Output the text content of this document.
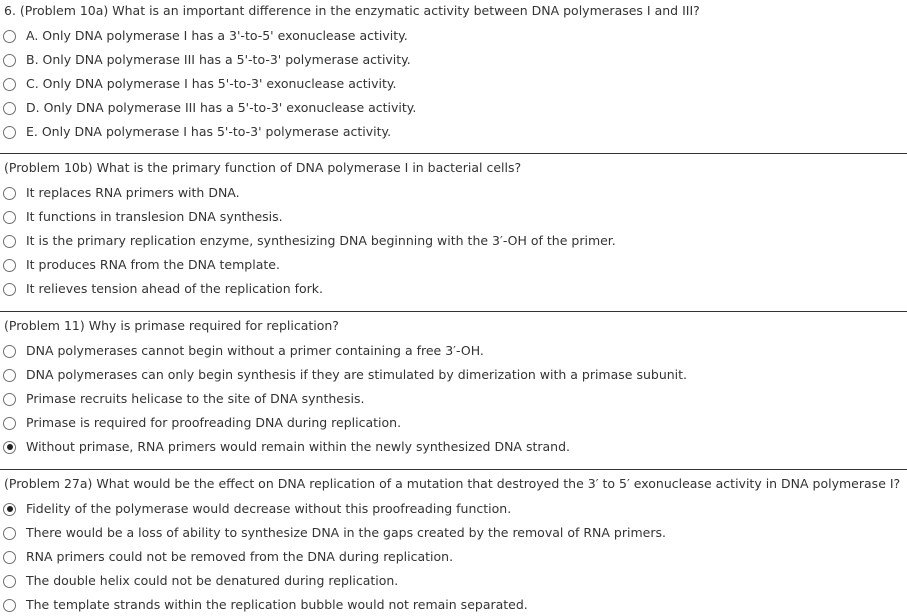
6. (Problem 10a) What is an important difference in the enzymatic activity between DNA polymerases I and III?
A. Only DNA polymerase I has a 3'-to-5' exonuclease activity.
B. Only DNA polymerase III has a 5'-to-3' polymerase activity.
C. Only DNA polymerase I has 5'-to-3' exonuclease activity.
D. Only DNA polymerase III has a 5'-to-3' exonuclease activity.
E. Only DNA polymerase I has 5'-to-3' polymerase activity.
(Problem 10b) What is the primary function of DNA polymerase I in bacterial cells?
It replaces RNA primers with DNA.
It functions in translesion DNA synthesis.
It is the primary replication enzyme, synthesizing DNA beginning with the 3′-OH of the primer.
It produces RNA from the DNA template.
It relieves tension ahead of the replication fork.
(Problem 11) Why is primase required for replication?
DNA polymerases cannot begin without a primer containing a free 3′-OH.
DNA polymerases can only begin synthesis if they are stimulated by dimerization with a primase subunit.
Primase recruits helicase to the site of DNA synthesis.
Primase is required for proofreading DNA during replication.
Without primase, RNA primers would remain within the newly synthesized DNA strand.
(Problem 27a) What would be the effect on DNA replication of a mutation that destroyed the 3′ to 5′ exonuclease activity in DNA polymerase I?
Fidelity of the polymerase would decrease without this proofreading function.
There would be a loss of ability to synthesize DNA in the gaps created by the removal of RNA primers.
RNA primers could not be removed from the DNA during replication.
The double helix could not be denatured during replication.
The template strands within the replication bubble would not remain separated.
